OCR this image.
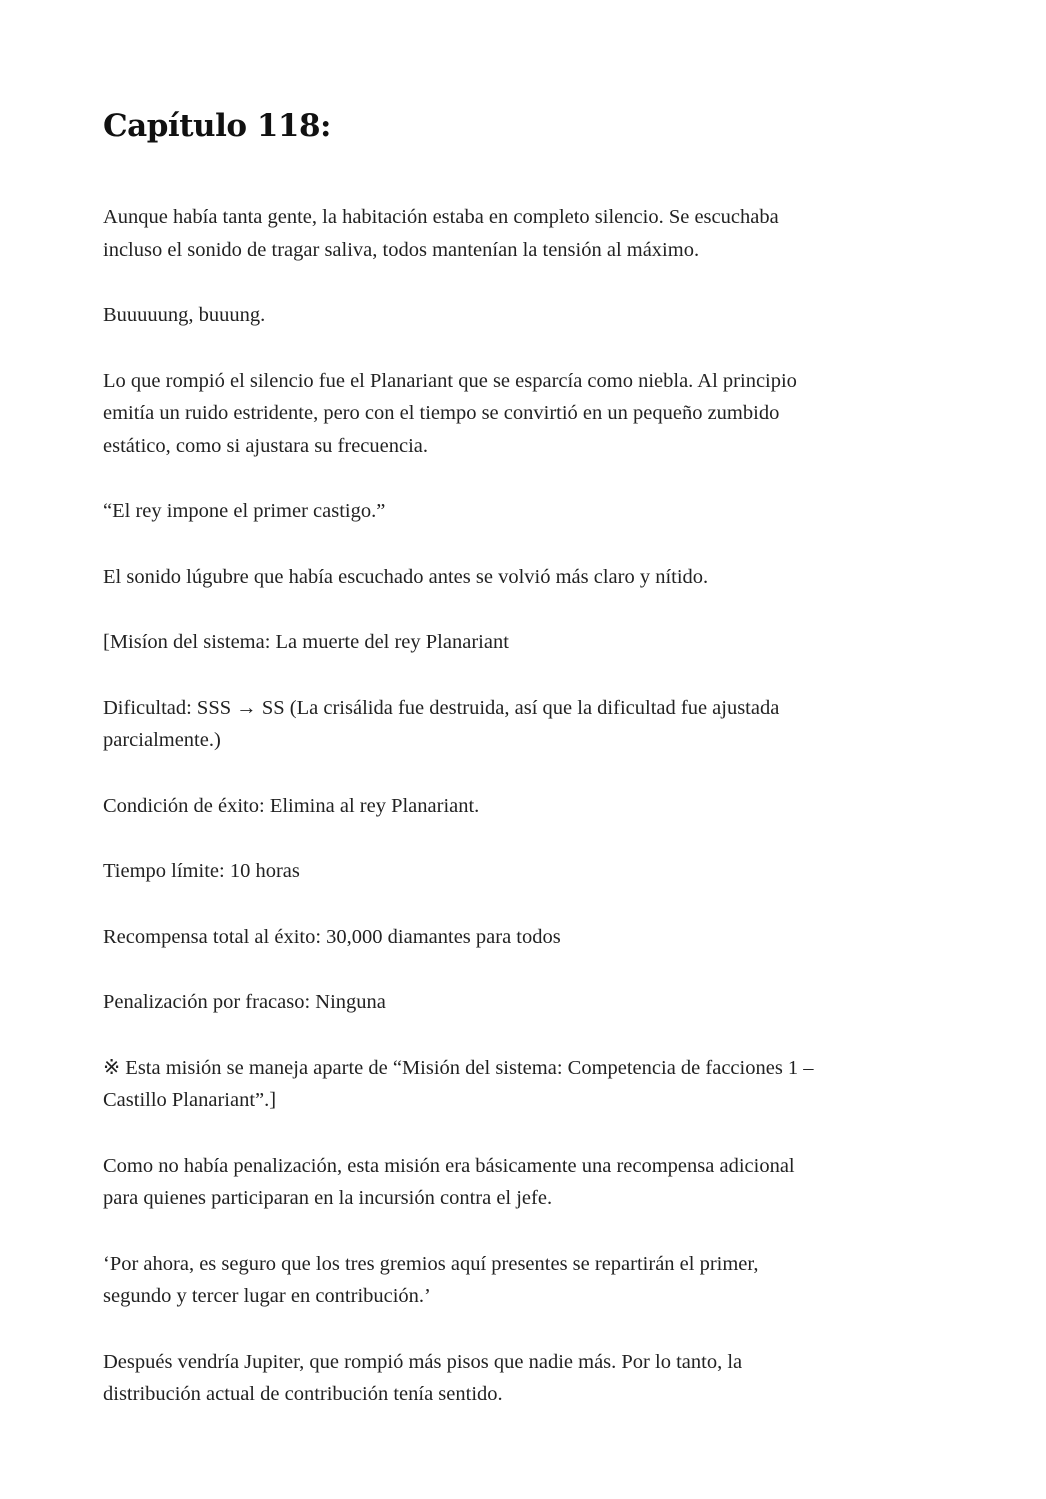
Capítulo 118:

Aunque había tanta gente, la habitación estaba en completo silencio. Se escuchaba
incluso el sonido de tragar saliva, todos mantenían la tensión al máximo.

Buuuuung, buuung.

Lo que rompió el silencio fue el Planariant que se esparcía como niebla. Al principio
emitía un ruido estridente, pero con el tiempo se convirtió en un pequeño zumbido
estático, como si ajustara su frecuencia.

“El rey impone el primer castigo.”

El sonido lúgubre que había escuchado antes se volvió más claro y nítido.

[Misíon del sistema: La muerte del rey Planariant

Dificultad: SSS → SS (La crisálida fue destruida, así que la dificultad fue ajustada
parcialmente.)

Condición de éxito: Elimina al rey Planariant.

Tiempo límite: 10 horas

Recompensa total al éxito: 30,000 diamantes para todos

Penalización por fracaso: Ninguna

※ Esta misión se maneja aparte de “Misión del sistema: Competencia de facciones 1 –
Castillo Planariant”.]

Como no había penalización, esta misión era básicamente una recompensa adicional
para quienes participaran en la incursión contra el jefe.

‘Por ahora, es seguro que los tres gremios aquí presentes se repartirán el primer,
segundo y tercer lugar en contribución.’

Después vendría Jupiter, que rompió más pisos que nadie más. Por lo tanto, la
distribución actual de contribución tenía sentido.
